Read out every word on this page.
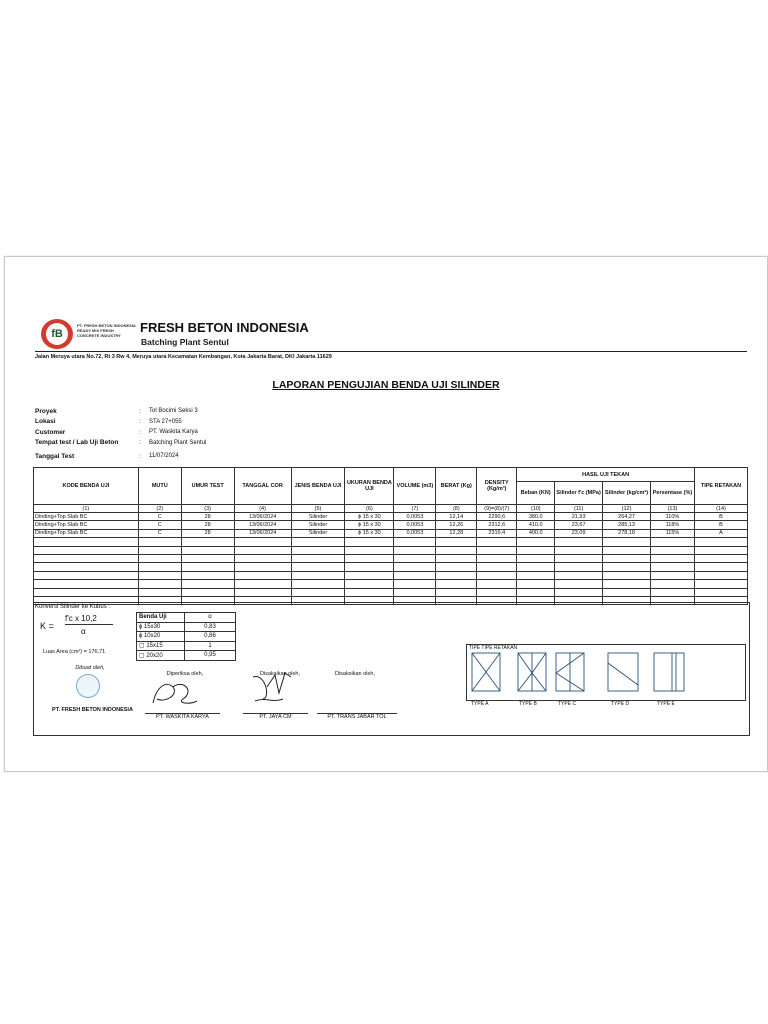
fB
PT. FRESH BETON INDONESIA READY MIX FRESH CONCRETE INDUSTRY
FRESH BETON INDONESIA
Batching Plant Sentul
Jalan Meruya utara No.72, Rt 3 Rw 4, Meruya utara Kecamatan Kembangan, Kota Jakarta Barat, DKI Jakarta 11629
LAPORAN PENGUJIAN BENDA UJI SILINDER
Proyek	:	Tol Bocimi Seksi 3
Lokasi	:	STA 27+055
Customer	:	PT. Waskita Karya
Tempat test / Lab Uji Beton	:	Batching Plant Sentul
Tanggal Test	:	11/07/2024
KODE BENDA UJI	MUTU	UMUR TEST	TANGGAL COR	JENIS BENDA UJI	UKURAN BENDA UJI	VOLUME (m3)	BERAT (Kg)	DENSITY (Kg/m³)	HASIL UJI TEKAN				TIPE RETAKAN
									Beban (KN)	Silinder f'c (MPa)	Silinder (kg/cm²)	Persentase (%)	
(1)	(2)	(3)	(4)	(5)	(6)	(7)	(8)	(9)=(8)/(7)	(10)	(11)	(12)	(13)	(14)
Dinding+Top Slab BC	C	28	13/06/2024	Silinder	ɸ 15 x 30	0,0053	12,14	2290,6	380,0	21,93	264,27	110%	B
Dinding+Top Slab BC	C	28	13/06/2024	Silinder	ɸ 15 x 30	0,0053	12,26	2312,6	410,0	23,67	285,13	118%	B
Dinding+Top Slab BC	C	28	13/06/2024	Silinder	ɸ 15 x 30	0,0053	12,28	2316,4	400,0	23,09	278,18	115%	A

Konversi Silinder ke Kubus :
K =
f'c x 10,2
α
Luas Area (cm²) = 176,71
Benda Uji	α
ɸ 15x30	0,83
ɸ 10x20	0,86
▢ 15x15	1
▢ 20x20	0,95
Dibuat oleh,
PT. FRESH BETON INDONESIA
Diperiksa oleh,
PT. WASKITA KARYA
Disaksikan oleh,
PT. JAYA CM
Disaksikan oleh,
PT. TRANS JABAR TOL
TIPE TIPE RETAKAN
TYPE A	TYPE B	TYPE C	TYPE D	TYPE E
